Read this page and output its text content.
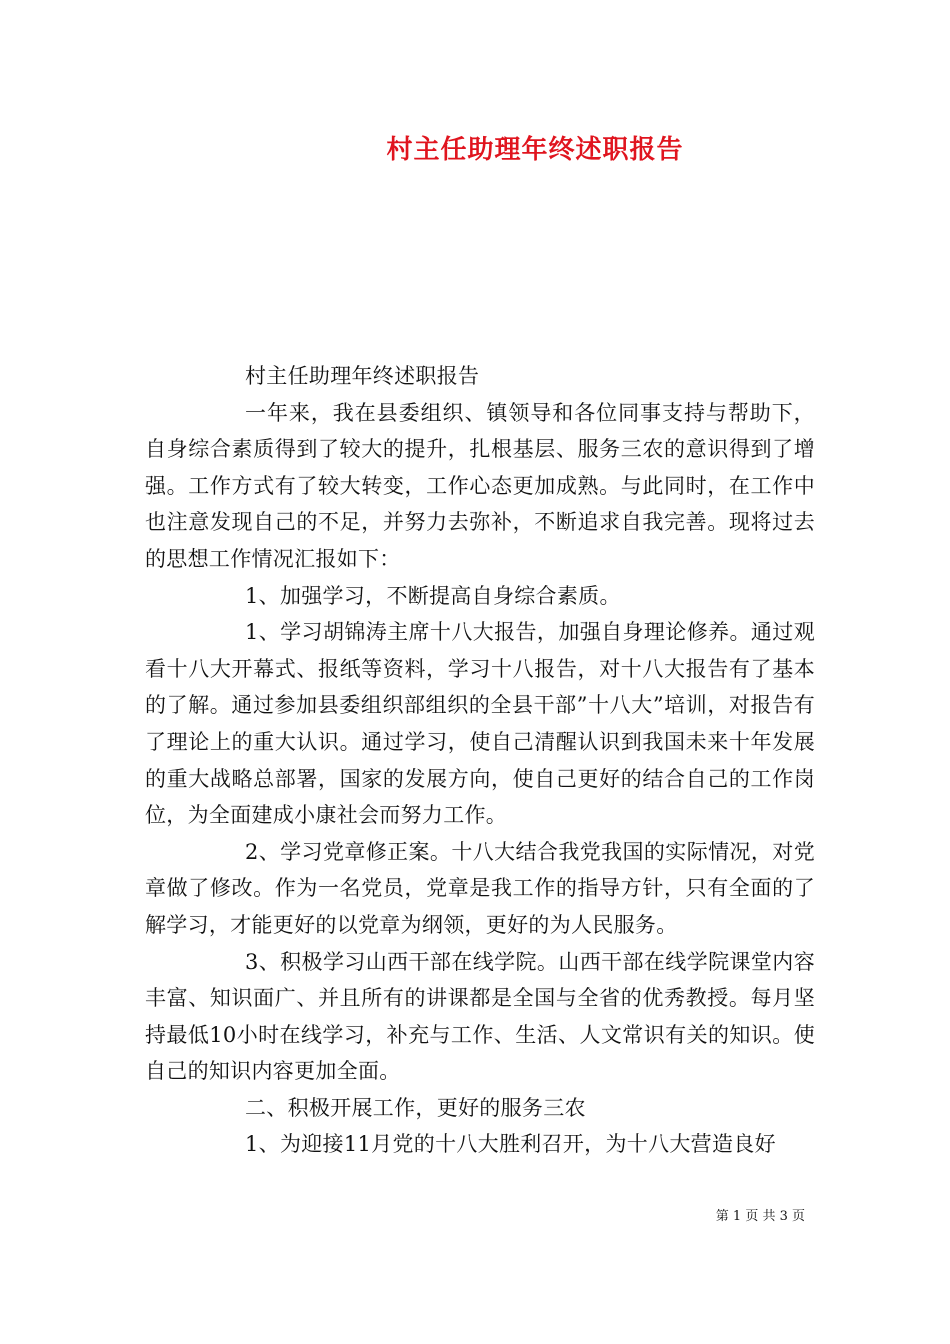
村主任助理年终述职报告

村主任助理年终述职报告

一年来，我在县委组织、镇领导和各位同事支持与帮助下，自身综合素质得到了较大的提升，扎根基层、服务三农的意识得到了增强。工作方式有了较大转变，工作心态更加成熟。与此同时，在工作中也注意发现自己的不足，并努力去弥补，不断追求自我完善。现将过去的思想工作情况汇报如下：

1、加强学习，不断提高自身综合素质。

1、学习胡锦涛主席十八大报告，加强自身理论修养。通过观看十八大开幕式、报纸等资料，学习十八报告，对十八大报告有了基本的了解。通过参加县委组织部组织的全县干部”十八大”培训，对报告有了理论上的重大认识。通过学习，使自己清醒认识到我国未来十年发展的重大战略总部署，国家的发展方向，使自己更好的结合自己的工作岗位，为全面建成小康社会而努力工作。

2、学习党章修正案。十八大结合我党我国的实际情况，对党章做了修改。作为一名党员，党章是我工作的指导方针，只有全面的了解学习，才能更好的以党章为纲领，更好的为人民服务。

3、积极学习山西干部在线学院。山西干部在线学院课堂内容丰富、知识面广、并且所有的讲课都是全国与全省的优秀教授。每月坚持最低10小时在线学习，补充与工作、生活、人文常识有关的知识。使自己的知识内容更加全面。

二、积极开展工作，更好的服务三农

1、为迎接11月党的十八大胜利召开，为十八大营造良好

第 1 页 共 3 页
